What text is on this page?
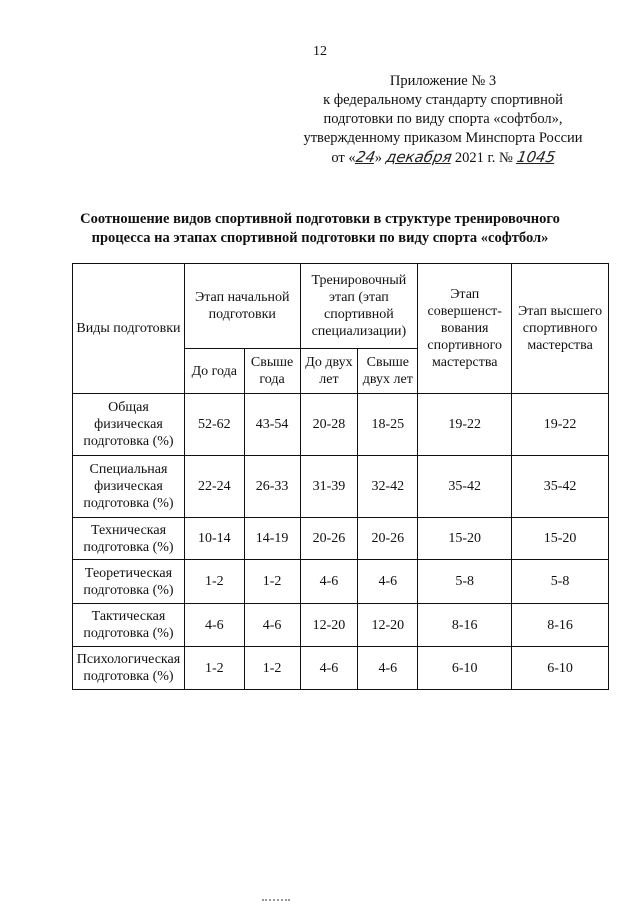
12
Приложение № 3
к федеральному стандарту спортивной
подготовки по виду спорта «софтбол»,
утвержденному приказом Минспорта России
от «24» декабря 2021 г. № 1045
Соотношение видов спортивной подготовки в структуре тренировочного
процесса на этапах спортивной подготовки по виду спорта «софтбол»
Виды подготовки	Этап начальной подготовки		Тренировочный этап (этап спортивной специализации)		Этап совершенст-вования спортивного мастерства	Этап высшего спортивного мастерства
	До года	Свыше года	До двух лет	Свыше двух лет		
Общая физическая подготовка (%)	52-62	43-54	20-28	18-25	19-22	19-22
Специальная физическая подготовка (%)	22-24	26-33	31-39	32-42	35-42	35-42
Техническая подготовка (%)	10-14	14-19	20-26	20-26	15-20	15-20
Теоретическая подготовка (%)	1-2	1-2	4-6	4-6	5-8	5-8
Тактическая подготовка (%)	4-6	4-6	12-20	12-20	8-16	8-16
Психологическая подготовка (%)	1-2	1-2	4-6	4-6	6-10	6-10
